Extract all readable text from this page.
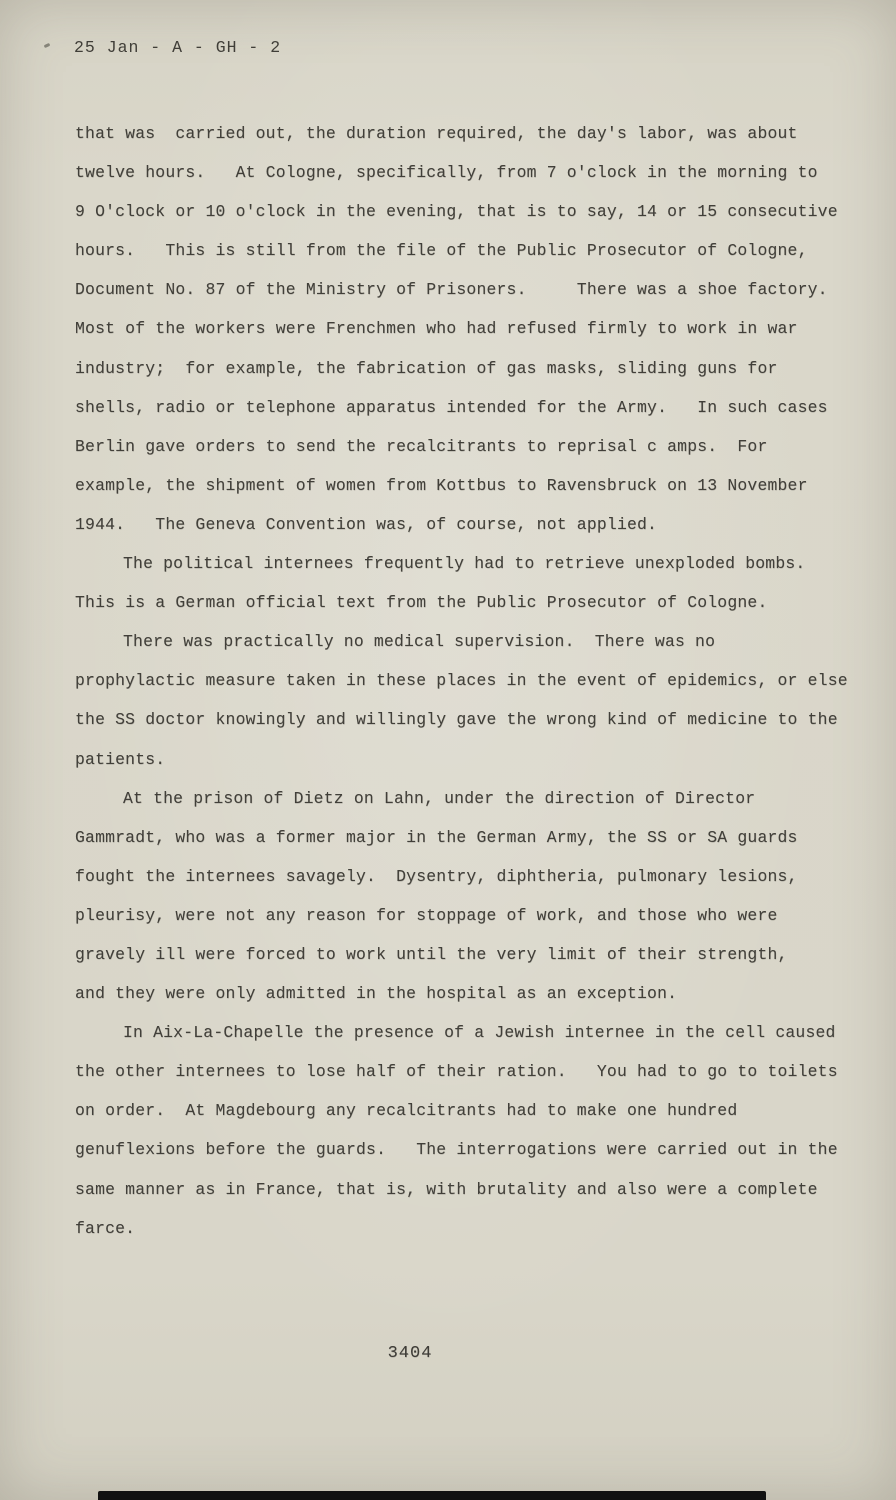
25 Jan - A - GH - 2
that was  carried out, the duration required, the day's labor, was about
twelve hours.   At Cologne, specifically, from 7 o'clock in the morning to
9 O'clock or 10 o'clock in the evening, that is to say, 14 or 15 consecutive
hours.   This is still from the file of the Public Prosecutor of Cologne,
Document No. 87 of the Ministry of Prisoners.     There was a shoe factory.
Most of the workers were Frenchmen who had refused firmly to work in war
industry;  for example, the fabrication of gas masks, sliding guns for
shells, radio or telephone apparatus intended for the Army.   In such cases
Berlin gave orders to send the recalcitrants to reprisal c amps.  For
example, the shipment of women from Kottbus to Ravensbruck on 13 November
1944.   The Geneva Convention was, of course, not applied.
The political internees frequently had to retrieve unexploded bombs.
This is a German official text from the Public Prosecutor of Cologne.
There was practically no medical supervision.  There was no
prophylactic measure taken in these places in the event of epidemics, or else
the SS doctor knowingly and willingly gave the wrong kind of medicine to the
patients.
At the prison of Dietz on Lahn, under the direction of Director
Gammradt, who was a former major in the German Army, the SS or SA guards
fought the internees savagely.  Dysentry, diphtheria, pulmonary lesions,
pleurisy, were not any reason for stoppage of work, and those who were
gravely ill were forced to work until the very limit of their strength,
and they were only admitted in the hospital as an exception.
In Aix-La-Chapelle the presence of a Jewish internee in the cell caused
the other internees to lose half of their ration.   You had to go to toilets
on order.  At Magdebourg any recalcitrants had to make one hundred
genuflexions before the guards.   The interrogations were carried out in the
same manner as in France, that is, with brutality and also were a complete
farce.
3404
